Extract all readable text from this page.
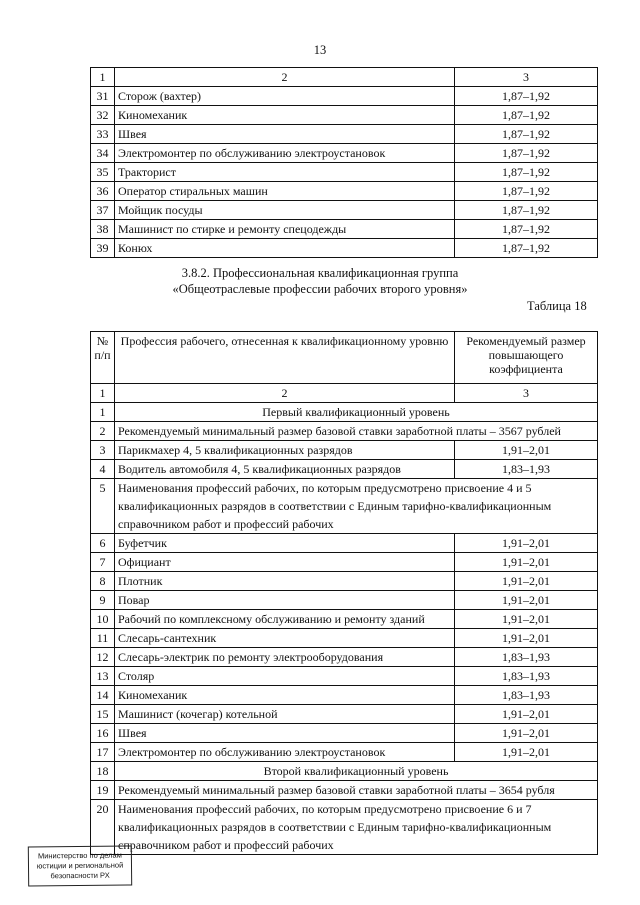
13
1	2	3
31	Сторож (вахтер)	1,87–1,92
32	Киномеханик	1,87–1,92
33	Швея	1,87–1,92
34	Электромонтер по обслуживанию электроустановок	1,87–1,92
35	Тракторист	1,87–1,92
36	Оператор стиральных машин	1,87–1,92
37	Мойщик посуды	1,87–1,92
38	Машинист по стирке и ремонту спецодежды	1,87–1,92
39	Конюх	1,87–1,92
3.8.2. Профессиональная квалификационная группа
«Общеотраслевые профессии рабочих второго уровня»
Таблица 18
№ п/п	Профессия рабочего, отнесенная к квалификационному уровню	Рекомендуемый размер повышающего коэффициента
1	2	3
1	Первый квалификационный уровень	
2	Рекомендуемый минимальный размер базовой ставки заработной платы – 3567 рублей	
3	Парикмахер 4, 5 квалификационных разрядов	1,91–2,01
4	Водитель автомобиля 4, 5 квалификационных разрядов	1,83–1,93
5	Наименования профессий рабочих, по которым предусмотрено присвоение 4 и 5 квалификационных разрядов в соответствии с Единым тарифно-квалификационным справочником работ и профессий рабочих	
6	Буфетчик	1,91–2,01
7	Официант	1,91–2,01
8	Плотник	1,91–2,01
9	Повар	1,91–2,01
10	Рабочий по комплексному обслуживанию и ремонту зданий	1,91–2,01
11	Слесарь-сантехник	1,91–2,01
12	Слесарь-электрик по ремонту электрооборудования	1,83–1,93
13	Столяр	1,83–1,93
14	Киномеханик	1,83–1,93
15	Машинист (кочегар) котельной	1,91–2,01
16	Швея	1,91–2,01
17	Электромонтер по обслуживанию электроустановок	1,91–2,01
18	Второй квалификационный уровень	
19	Рекомендуемый минимальный размер базовой ставки заработной платы – 3654 рубля	
20	Наименования профессий рабочих, по которым предусмотрено присвоение 6 и 7 квалификационных разрядов в соответствии с Единым тарифно-квалификационным справочником работ и профессий рабочих	
Министерство по делам
юстиции и региональной
безопасности РХ
